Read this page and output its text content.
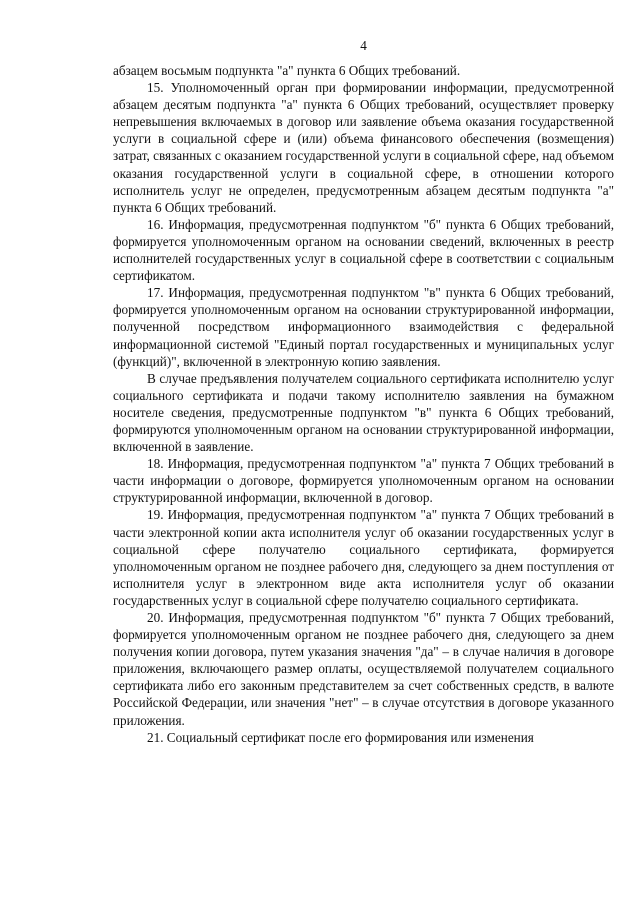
4

абзацем восьмым подпункта "а" пункта 6 Общих требований.

15. Уполномоченный орган при формировании информации, предусмотренной абзацем десятым подпункта "а" пункта 6 Общих требований, осуществляет проверку непревышения включаемых в договор или заявление объема оказания государственной услуги в социальной сфере и (или) объема финансового обеспечения (возмещения) затрат, связанных с оказанием государственной услуги в социальной сфере, над объемом оказания государственной услуги в социальной сфере, в отношении которого исполнитель услуг не определен, предусмотренным абзацем десятым подпункта "а" пункта 6 Общих требований.

16. Информация, предусмотренная подпунктом "б" пункта 6 Общих требований, формируется уполномоченным органом на основании сведений, включенных в реестр исполнителей государственных услуг в социальной сфере в соответствии с социальным сертификатом.

17. Информация, предусмотренная подпунктом "в" пункта 6 Общих требований, формируется уполномоченным органом на основании структурированной информации, полученной посредством информационного взаимодействия с федеральной информационной системой "Единый портал государственных и муниципальных услуг (функций)", включенной в электронную копию заявления.

В случае предъявления получателем социального сертификата исполнителю услуг социального сертификата и подачи такому исполнителю заявления на бумажном носителе сведения, предусмотренные подпунктом "в" пункта 6 Общих требований, формируются уполномоченным органом на основании структурированной информации, включенной в заявление.

18. Информация, предусмотренная подпунктом "а" пункта 7 Общих требований в части информации о договоре, формируется уполномоченным органом на основании структурированной информации, включенной в договор.

19. Информация, предусмотренная подпунктом "а" пункта 7 Общих требований в части электронной копии акта исполнителя услуг об оказании государственных услуг в социальной сфере получателю социального сертификата, формируется уполномоченным органом не позднее рабочего дня, следующего за днем поступления от исполнителя услуг в электронном виде акта исполнителя услуг об оказании государственных услуг в социальной сфере получателю социального сертификата.

20. Информация, предусмотренная подпунктом "б" пункта 7 Общих требований, формируется уполномоченным органом не позднее рабочего дня, следующего за днем получения копии договора, путем указания значения "да" – в случае наличия в договоре приложения, включающего размер оплаты, осуществляемой получателем социального сертификата либо его законным представителем за счет собственных средств, в валюте Российской Федерации, или значения "нет" – в случае отсутствия в договоре указанного приложения.

21. Социальный сертификат после его формирования или изменения
